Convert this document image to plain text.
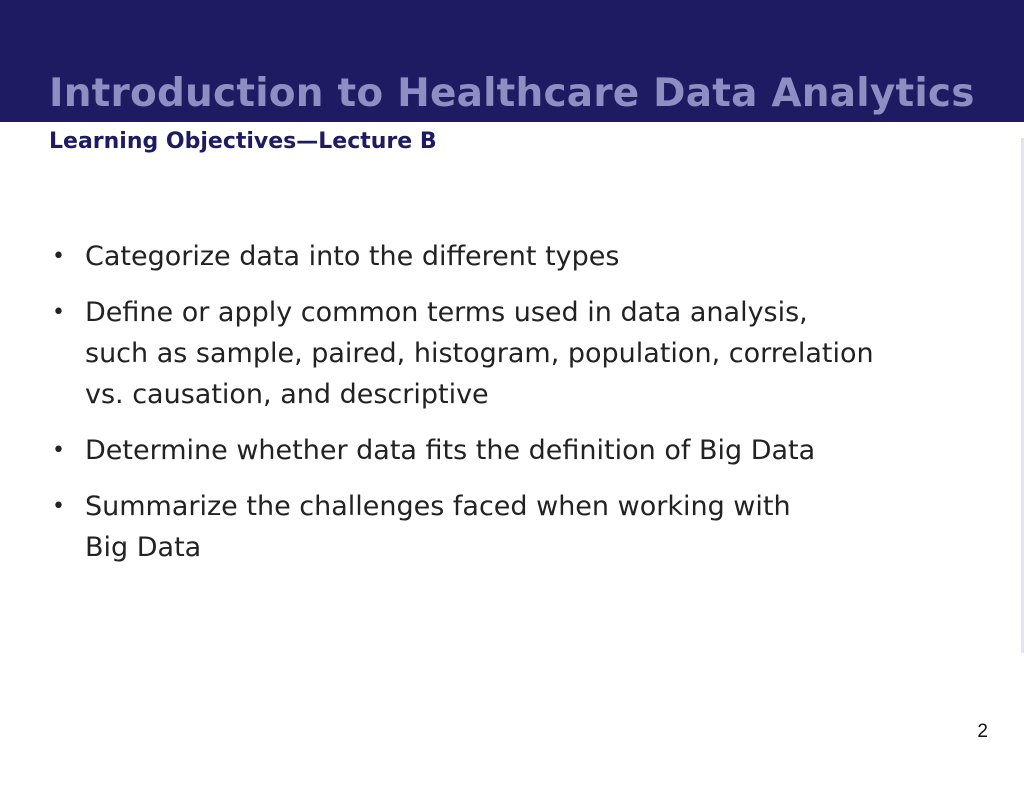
Introduction to Healthcare Data Analytics
Learning Objectives—Lecture B
• Categorize data into the different types
• Define or apply common terms used in data analysis,
such as sample, paired, histogram, population, correlation
vs. causation, and descriptive
• Determine whether data fits the definition of Big Data
• Summarize the challenges faced when working with
Big Data
2
